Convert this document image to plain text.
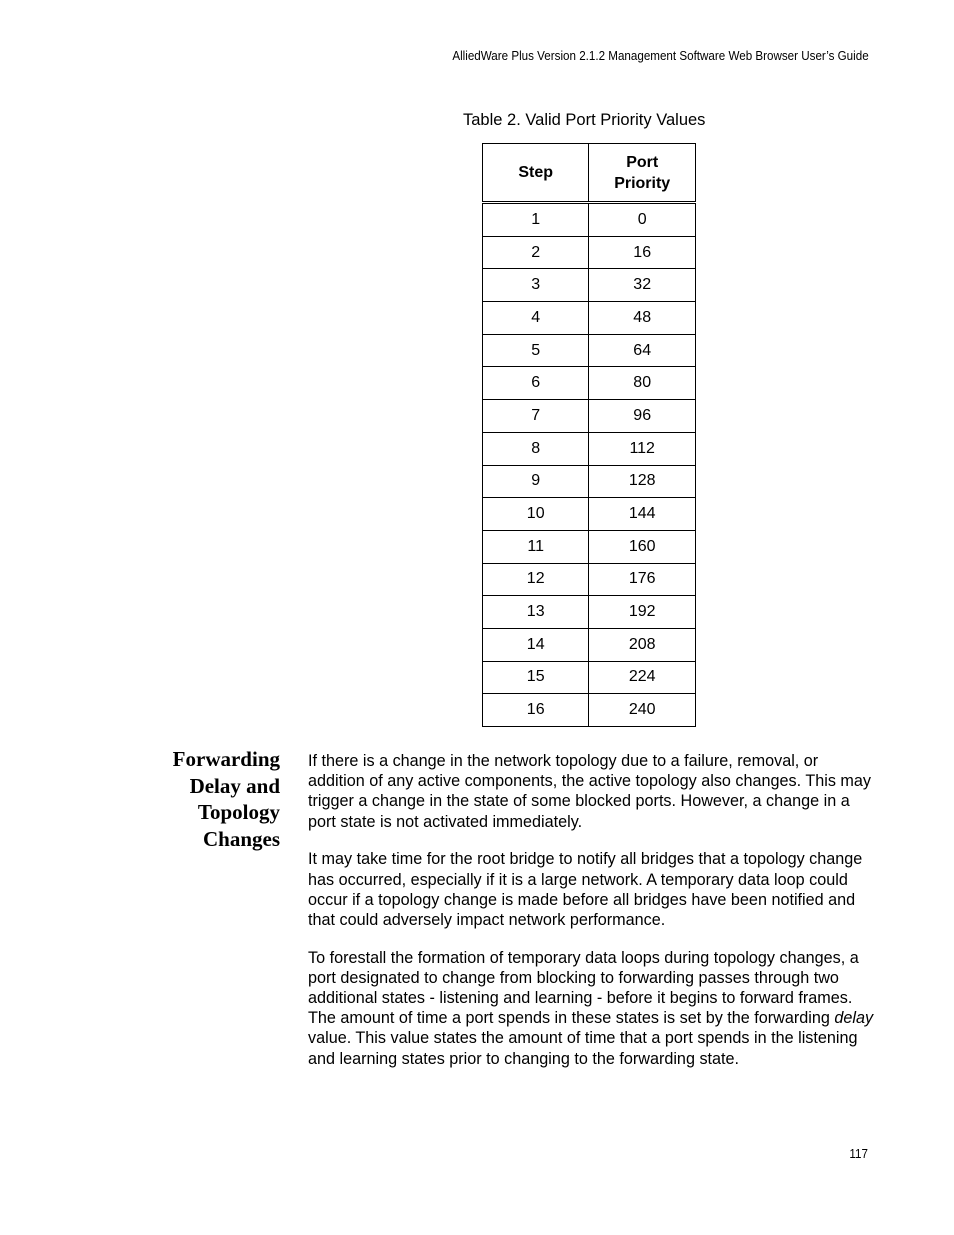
AlliedWare Plus Version 2.1.2 Management Software Web Browser User’s Guide
Table 2. Valid Port Priority Values
Step	Port
Priority
1	0
2	16
3	32
4	48
5	64
6	80
7	96
8	112
9	128
10	144
11	160
12	176
13	192
14	208
15	224
16	240
Forwarding
Delay and
Topology
Changes

If there is a change in the network topology due to a failure, removal, or addition of any active components, the active topology also changes. This may trigger a change in the state of some blocked ports. However, a change in a port state is not activated immediately.

It may take time for the root bridge to notify all bridges that a topology change has occurred, especially if it is a large network. A temporary data loop could occur if a topology change is made before all bridges have been notified and that could adversely impact network performance.

To forestall the formation of temporary data loops during topology changes, a port designated to change from blocking to forwarding passes through two additional states - listening and learning - before it begins to forward frames. The amount of time a port spends in these states is set by the forwarding delay value. This value states the amount of time that a port spends in the listening and learning states prior to changing to the forwarding state.

117
